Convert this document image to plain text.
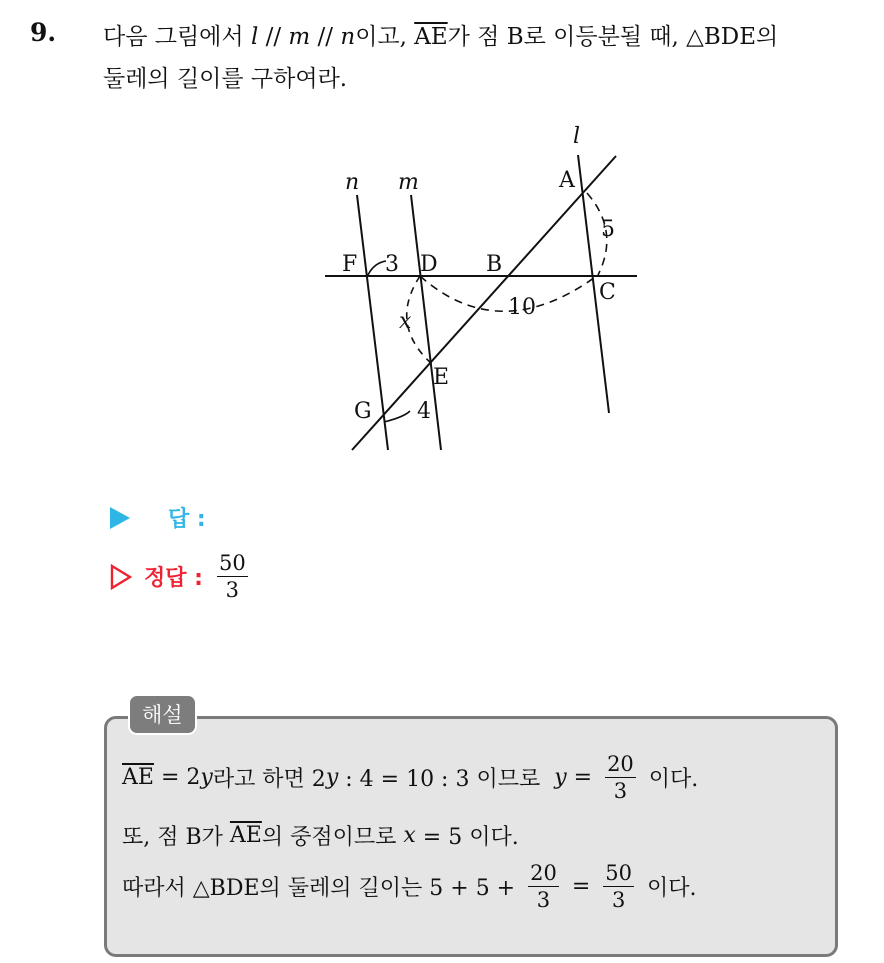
9. 다음 그림에서 l // m // n이고, $\overline{AE}$가 점 B로 이등분될 때, △BDE의
둘레의 길이를 구하여라.
l
m
n	A
B
C
D
E
F
G
5
3
10
x
4
답 :
정답 : $\frac{50}{3}$
해설
$\overline{AE} = 2$ y 라고 하면 2 y : 4 = 10 : 3 이므로 $y = \frac{20}{3}$ 이다.
또, 점 B가 $\overline{AE}$ 의 중점이므로 x = 5 이다.
따라서 △BDE의 둘레의 길이는 $5 + 5 + \frac{20}{3} = \frac{50}{3}$ 이다.
